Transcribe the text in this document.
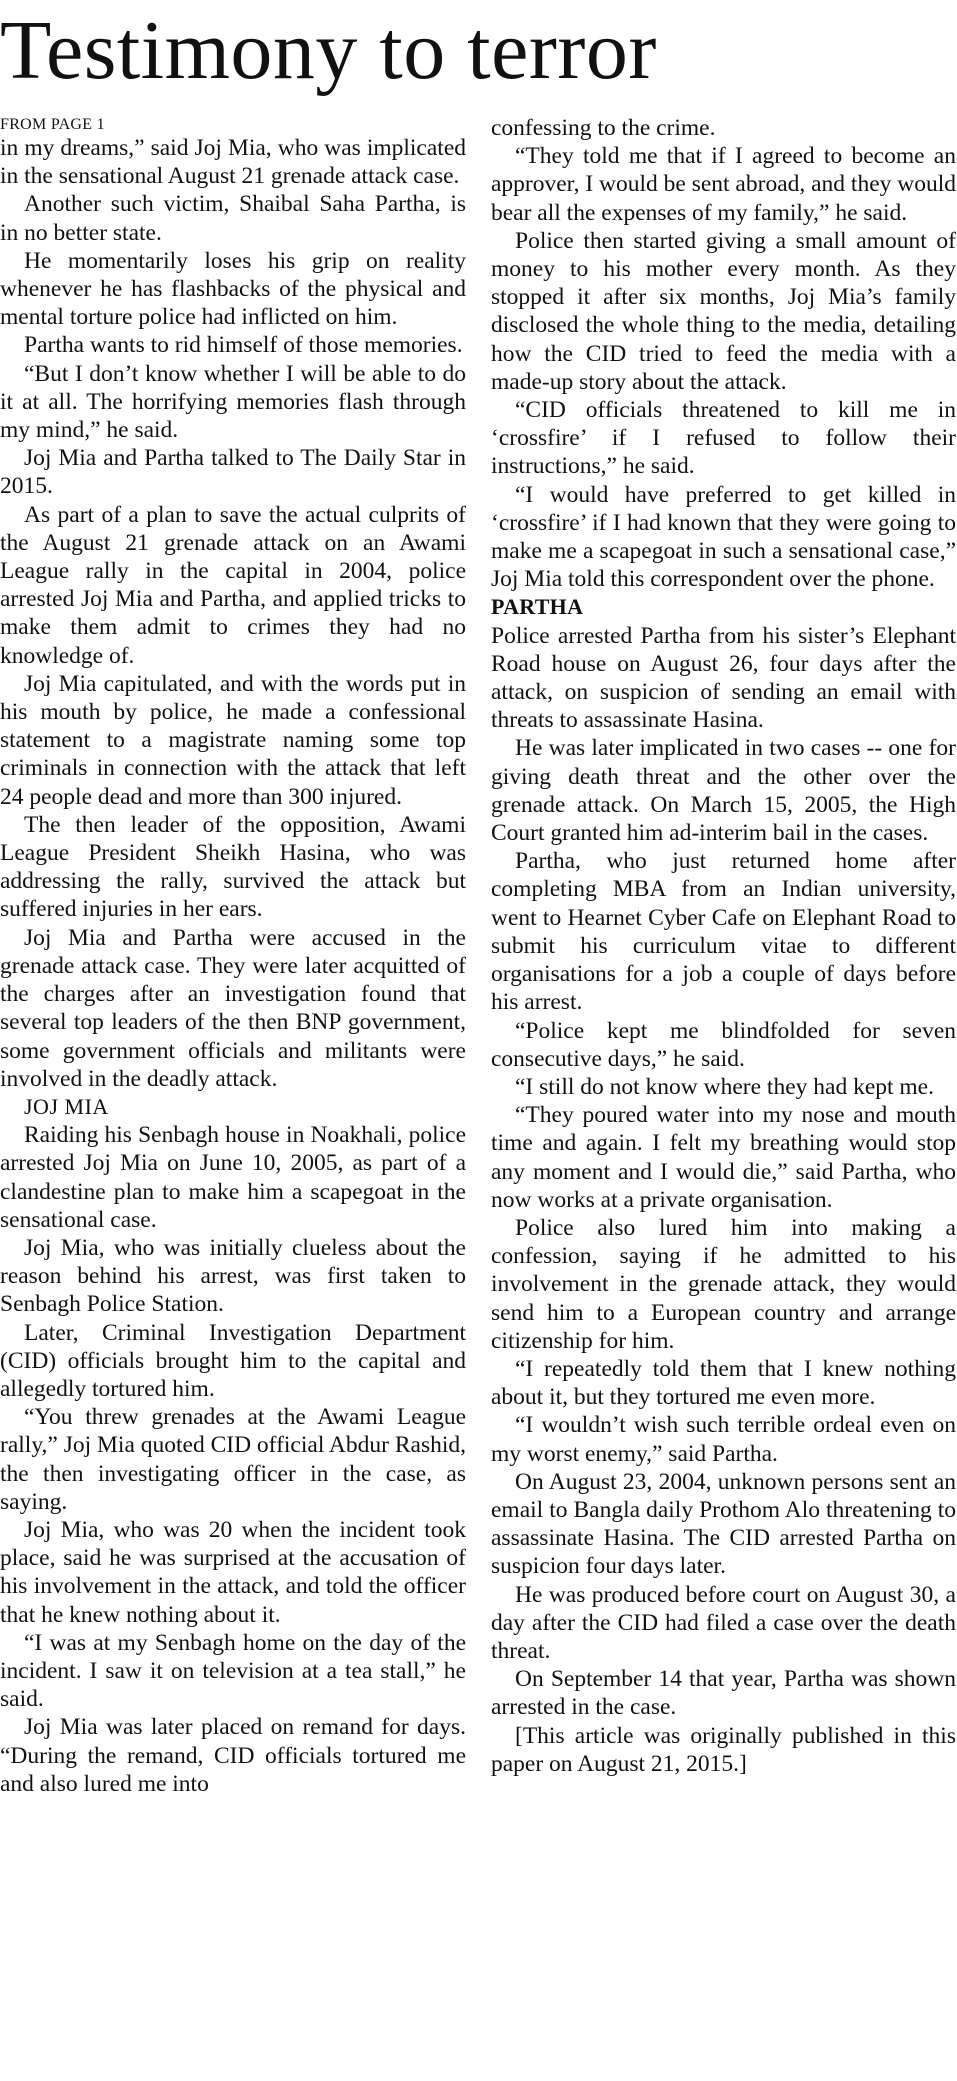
Testimony to terror
FROM PAGE 1

in my dreams,” said Joj Mia, who was implicated in the sensational August 21 grenade attack case.

Another such victim, Shaibal Saha Partha, is in no better state.

He momentarily loses his grip on reality whenever he has flashbacks of the physical and mental torture police had inflicted on him.

Partha wants to rid himself of those memories.

“But I don’t know whether I will be able to do it at all. The horrifying memories flash through my mind,” he said.

Joj Mia and Partha talked to The Daily Star in 2015.

As part of a plan to save the actual culprits of the August 21 grenade attack on an Awami League rally in the capital in 2004, police arrested Joj Mia and Partha, and applied tricks to make them admit to crimes they had no knowledge of.

Joj Mia capitulated, and with the words put in his mouth by police, he made a confessional statement to a magistrate naming some top criminals in connection with the attack that left 24 people dead and more than 300 injured.

The then leader of the opposition, Awami League President Sheikh Hasina, who was addressing the rally, survived the attack but suffered injuries in her ears.

Joj Mia and Partha were accused in the grenade attack case. They were later acquitted of the charges after an investigation found that several top leaders of the then BNP government, some government officials and militants were involved in the deadly attack.

JOJ MIA

Raiding his Senbagh house in Noakhali, police arrested Joj Mia on June 10, 2005, as part of a clandestine plan to make him a scapegoat in the sensational case.

Joj Mia, who was initially clueless about the reason behind his arrest, was first taken to Senbagh Police Station.

Later, Criminal Investigation Department (CID) officials brought him to the capital and allegedly tortured him.

“You threw grenades at the Awami League rally,” Joj Mia quoted CID official Abdur Rashid, the then investigating officer in the case, as saying.

Joj Mia, who was 20 when the incident took place, said he was surprised at the accusation of his involvement in the attack, and told the officer that he knew nothing about it.

“I was at my Senbagh home on the day of the incident. I saw it on television at a tea stall,” he said.

Joj Mia was later placed on remand for days. “During the remand, CID officials tortured me and also lured me into

confessing to the crime.

“They told me that if I agreed to become an approver, I would be sent abroad, and they would bear all the expenses of my family,” he said.

Police then started giving a small amount of money to his mother every month. As they stopped it after six months, Joj Mia’s family disclosed the whole thing to the media, detailing how the CID tried to feed the media with a made-up story about the attack.

“CID officials threatened to kill me in ‘crossfire’ if I refused to follow their instructions,” he said.

“I would have preferred to get killed in ‘crossfire’ if I had known that they were going to make me a scapegoat in such a sensational case,” Joj Mia told this correspondent over the phone.

PARTHA

Police arrested Partha from his sister’s Elephant Road house on August 26, four days after the attack, on suspicion of sending an email with threats to assassinate Hasina.

He was later implicated in two cases -- one for giving death threat and the other over the grenade attack. On March 15, 2005, the High Court granted him ad-interim bail in the cases.

Partha, who just returned home after completing MBA from an Indian university, went to Hearnet Cyber Cafe on Elephant Road to submit his curriculum vitae to different organisations for a job a couple of days before his arrest.

“Police kept me blindfolded for seven consecutive days,” he said.

“I still do not know where they had kept me.

“They poured water into my nose and mouth time and again. I felt my breathing would stop any moment and I would die,” said Partha, who now works at a private organisation.

Police also lured him into making a confession, saying if he admitted to his involvement in the grenade attack, they would send him to a European country and arrange citizenship for him.

“I repeatedly told them that I knew nothing about it, but they tortured me even more.

“I wouldn’t wish such terrible ordeal even on my worst enemy,” said Partha.

On August 23, 2004, unknown persons sent an email to Bangla daily Prothom Alo threatening to assassinate Hasina. The CID arrested Partha on suspicion four days later.

He was produced before court on August 30, a day after the CID had filed a case over the death threat.

On September 14 that year, Partha was shown arrested in the case.

[This article was originally published in this paper on August 21, 2015.]
